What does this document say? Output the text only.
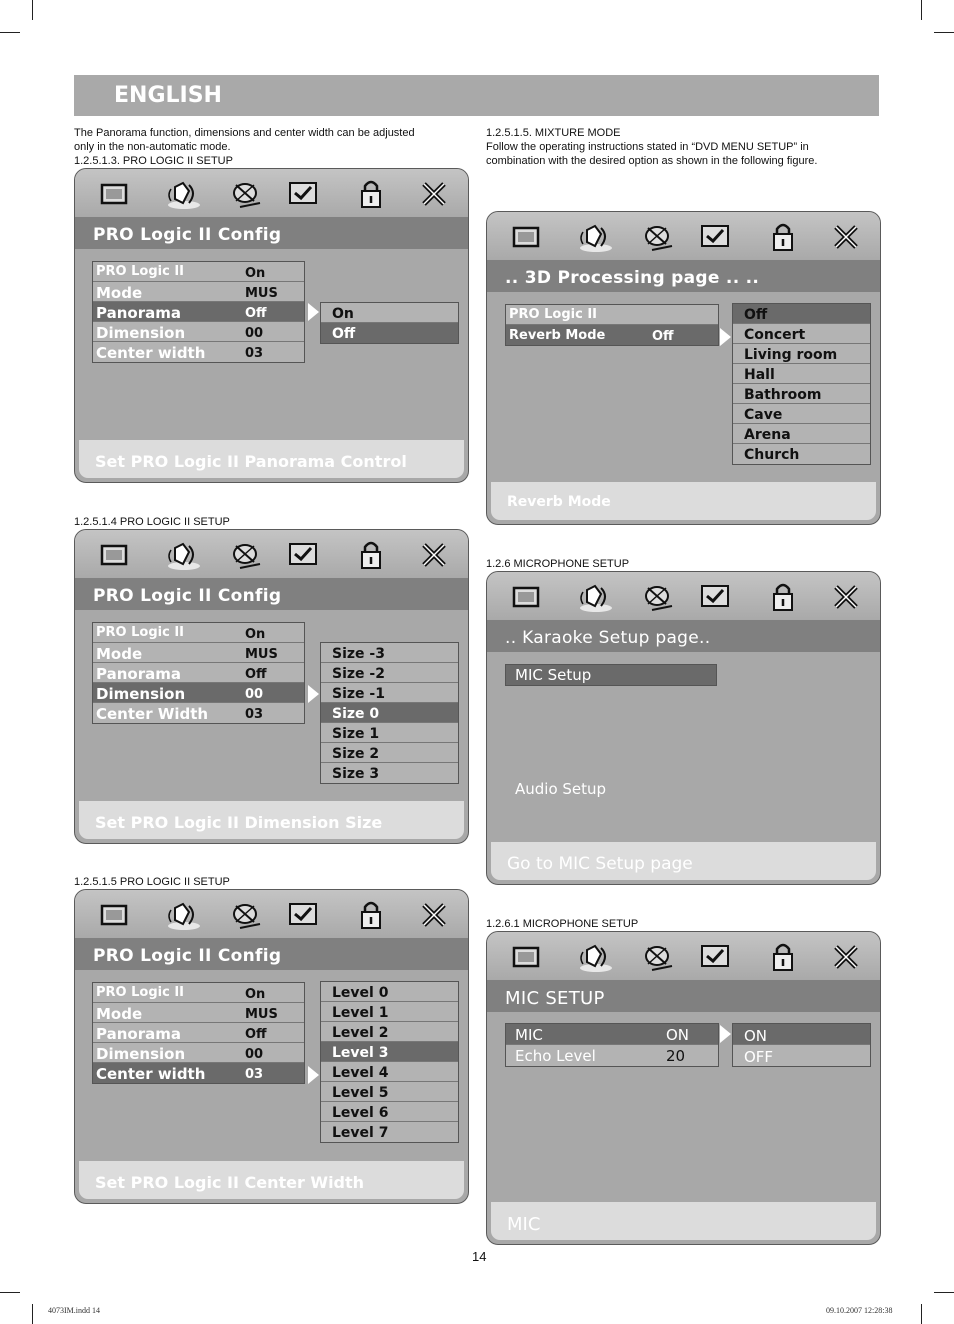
ENGLISH
The Panorama function, dimensions and center width can be adjusted
only in the non-automatic mode.
1.2.5.1.3. PRO LOGIC II SETUP
1.2.5.1.5. MIXTURE MODE
Follow the operating instructions stated in “DVD MENU SETUP” in
combination with the desired option as shown in the following figure.
PRO Logic II Config
PRO Logic II	On
Mode	MUS
Panorama	Off
Dimension	00
Center width	03
On
Off
Set PRO Logic II Panorama Control
1.2.5.1.4 PRO LOGIC II SETUP
PRO Logic II Config
PRO Logic II	On
Mode	MUS
Panorama	Off
Dimension	00
Center Width	03
Size -3
Size -2
Size -1
Size 0
Size 1
Size 2
Size 3
Set PRO Logic II Dimension Size
1.2.5.1.5 PRO LOGIC II SETUP
PRO Logic II Config
PRO Logic II	On
Mode	MUS
Panorama	Off
Dimension	00
Center width	03
Level 0
Level 1
Level 2
Level 3
Level 4
Level 5
Level 6
Level 7
Set PRO Logic II Center Width
.. 3D Processing page .. ..
PRO Logic II
Reverb Mode	Off
Off
Concert
Living room
Hall
Bathroom
Cave
Arena
Church
Reverb Mode
1.2.6 MICROPHONE SETUP
.. Karaoke Setup page..
MIC Setup
Audio Setup
Go to MIC Setup page
1.2.6.1 MICROPHONE SETUP
MIC SETUP
MIC	ON
Echo Level	20
ON
OFF
MIC
14
4073IM.indd 14	09.10.2007 12:28:38
